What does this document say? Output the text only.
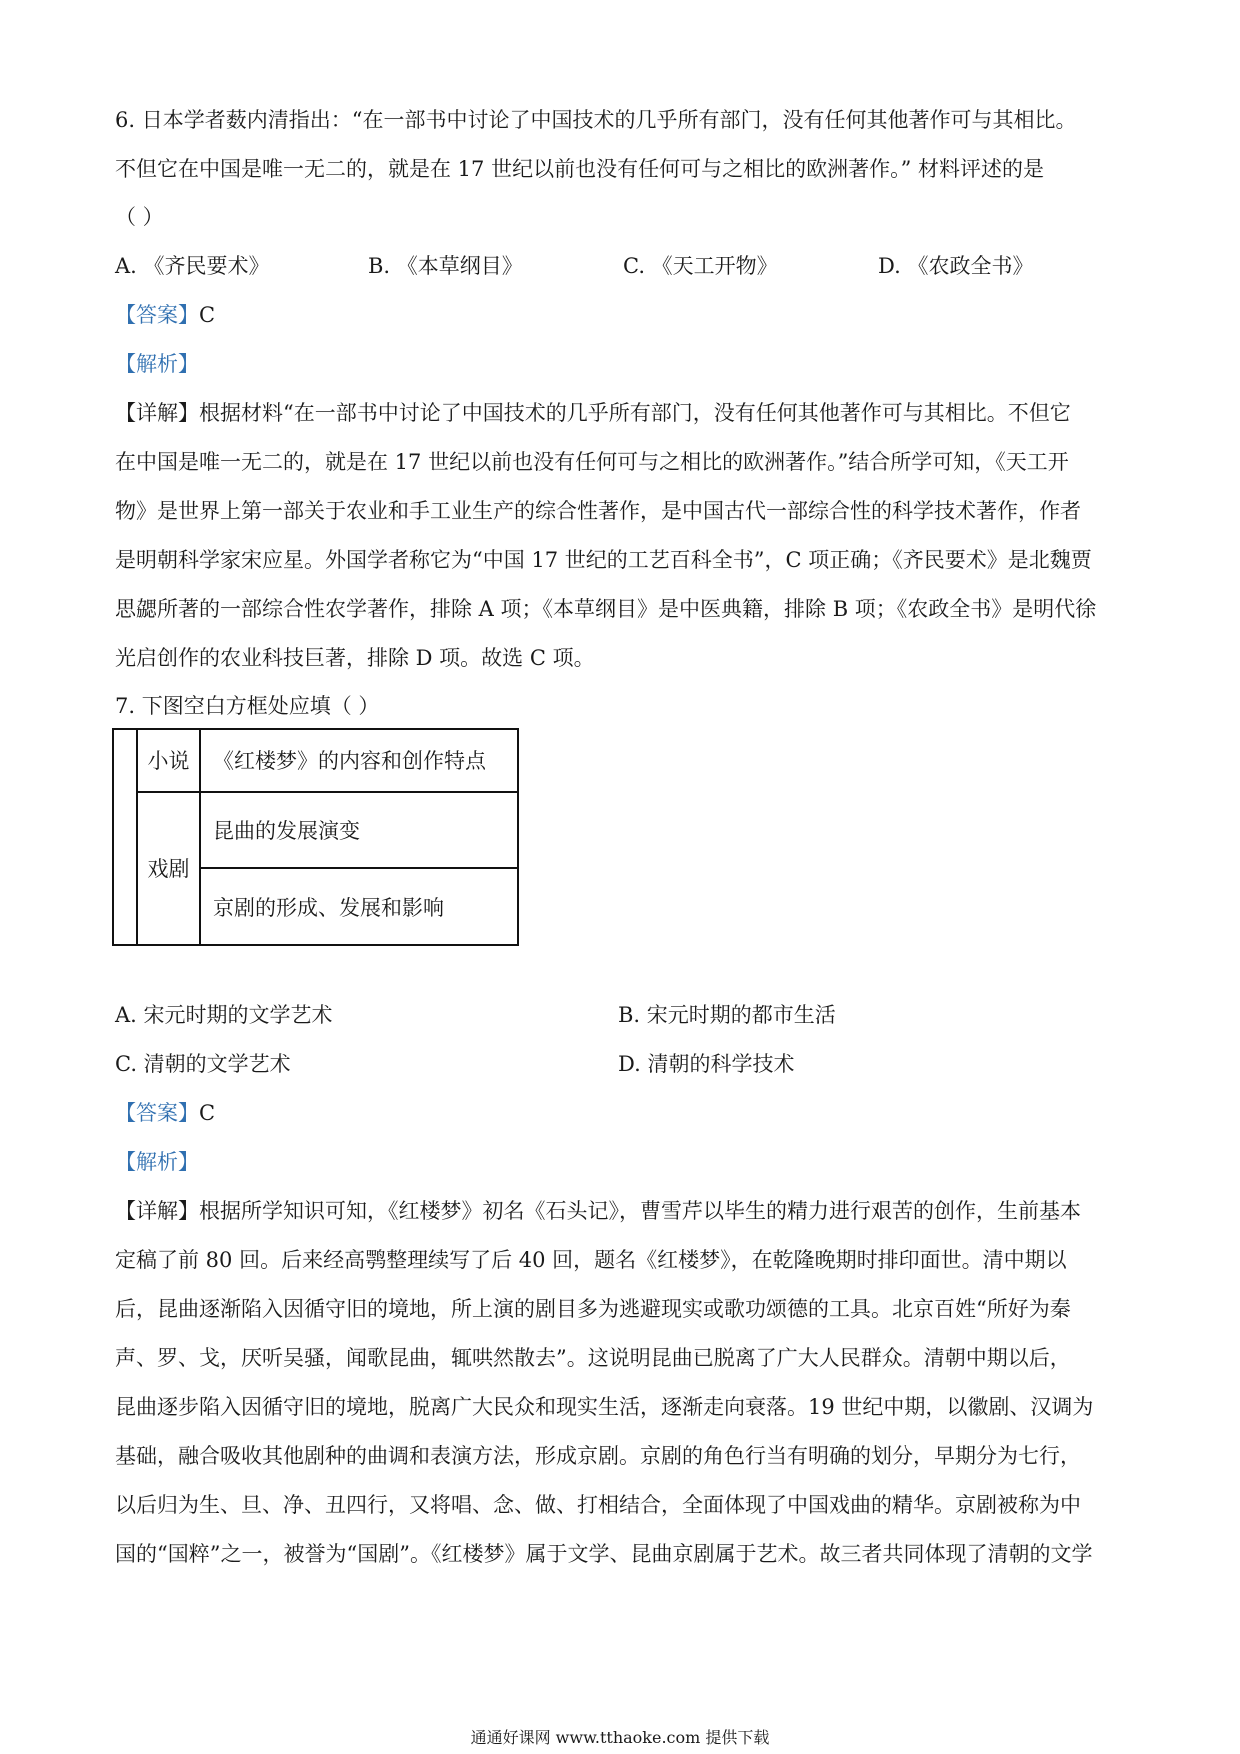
6. 日本学者薮内清指出：“在一部书中讨论了中国技术的几乎所有部门，没有任何其他著作可与其相比。
不但它在中国是唯一无二的，就是在 17 世纪以前也没有任何可与之相比的欧洲著作。” 材料评述的是
（ ）
A. 《齐民要术》	B. 《本草纲目》	C. 《天工开物》	D. 《农政全书》
【答案】C
【解析】
【详解】根据材料“在一部书中讨论了中国技术的几乎所有部门，没有任何其他著作可与其相比。不但它
在中国是唯一无二的，就是在 17 世纪以前也没有任何可与之相比的欧洲著作。”结合所学可知，《天工开
物》是世界上第一部关于农业和手工业生产的综合性著作，是中国古代一部综合性的科学技术著作，作者
是明朝科学家宋应星。外国学者称它为“中国 17 世纪的工艺百科全书”，C 项正确；《齐民要术》是北魏贾
思勰所著的一部综合性农学著作，排除 A 项；《本草纲目》是中医典籍，排除 B 项；《农政全书》是明代徐
光启创作的农业科技巨著，排除 D 项。故选 C 项。
7. 下图空白方框处应填（ ）
	小说	《红楼梦》的内容和创作特点
	戏剧	昆曲的发展演变
		京剧的形成、发展和影响
A. 宋元时期的文学艺术	B. 宋元时期的都市生活
C. 清朝的文学艺术	D. 清朝的科学技术
【答案】C
【解析】
【详解】根据所学知识可知，《红楼梦》初名《石头记》，曹雪芹以毕生的精力进行艰苦的创作，生前基本
定稿了前 80 回。后来经高鹗整理续写了后 40 回，题名《红楼梦》，在乾隆晚期时排印面世。清中期以
后，昆曲逐渐陷入因循守旧的境地，所上演的剧目多为逃避现实或歌功颂德的工具。北京百姓“所好为秦
声、罗、戈，厌听吴骚，闻歌昆曲，辄哄然散去”。这说明昆曲已脱离了广大人民群众。清朝中期以后，
昆曲逐步陷入因循守旧的境地，脱离广大民众和现实生活，逐渐走向衰落。19 世纪中期，以徽剧、汉调为
基础，融合吸收其他剧种的曲调和表演方法，形成京剧。京剧的角色行当有明确的划分，早期分为七行，
以后归为生、旦、净、丑四行，又将唱、念、做、打相结合，全面体现了中国戏曲的精华。京剧被称为中
国的“国粹”之一，被誉为“国剧”。《红楼梦》属于文学、昆曲京剧属于艺术。故三者共同体现了清朝的文学
通通好课网 www.tthaoke.com 提供下载
